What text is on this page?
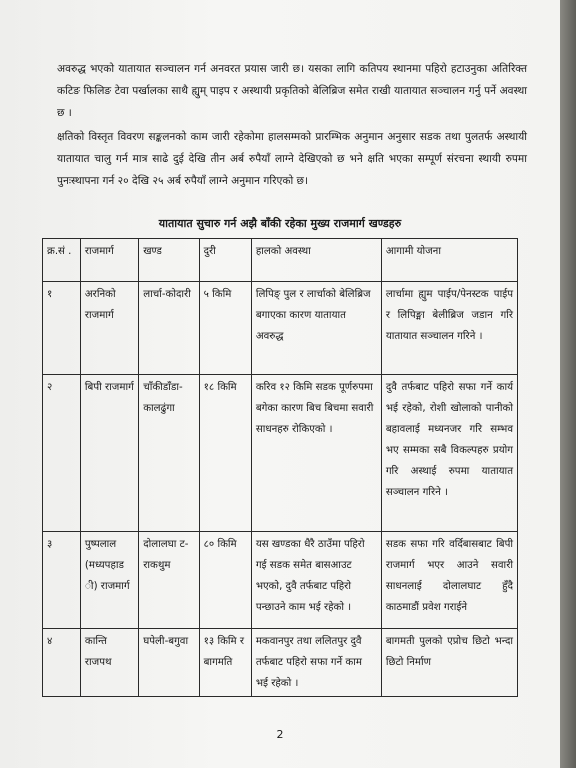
अवरुद्ध भएको यातायात सञ्चालन गर्न अनवरत प्रयास जारी छ। यसका लागि कतिपय स्थानमा पहिरो हटाउनुका अतिरिक्त कटिङ फिलिङ टेवा पर्खालका साथै ह्युम् पाइप र अस्थायी प्रकृतिको बेलिब्रिज समेत राखी यातायात सञ्चालन गर्नु पर्ने अवस्था छ ।

क्षतिको विस्तृत विवरण सङ्कलनको काम जारी रहेकोमा हालसम्मको प्रारम्भिक अनुमान अनुसार सडक तथा पुलतर्फ अस्थायी यातायात चालु गर्न मात्र साढे दुई देखि तीन अर्ब रुपैयाँ लाग्ने देखिएको छ भने क्षति भएका सम्पूर्ण संरचना स्थायी रुपमा पुनःस्थापना गर्न २० देखि २५ अर्ब रुपैयाँ लाग्ने अनुमान गरिएको छ।

यातायात सुचारु गर्न अझै बाँकी रहेका मुख्य राजमार्ग खण्डहरु
क्र.सं .	राजमार्ग	खण्ड	दुरी	हालको अवस्था	आगामी योजना
१	अरनिको राजमार्ग	लार्चा-कोदारी	५ किमि	लिपिङ् पुल र लार्चाको बेलिब्रिज बगाएका कारण यातायात अवरुद्ध	लार्चामा ह्युम पाईप/पेनस्टक पाईप र लिपिङ्मा बेलीब्रिज जडान गरि यातायात सञ्चालन गरिने ।
२	बिपी राजमार्ग	चाँकीडाँडा-कालढुंगा	१८ किमि	करिव १२ किमि सडक पूर्णरुपमा बगेका कारण बिच बिचमा सवारी साधनहरु रोकिएको ।	दुवै तर्फबाट पहिरो सफा गर्ने कार्य भई रहेको, रोशी खोलाको पानीको बहावलाई मध्यनजर गरि सम्भव भए सम्मका सबै विकल्पहरु प्रयोग गरि अस्थाई रुपमा यातायात सञ्चालन गरिने ।
३	पुष्पलाल (मध्यपहाड ी) राजमार्ग	दोलालघा ट-राकथुम	८० किमि	यस खण्डका धैरै ठाउँमा पहिरो गई सडक समेत बासआउट भएको, दुवै तर्फबाट पहिरो पन्छाउने काम भई रहेको ।	सडक सफा गरि वर्दिबासबाट बिपी राजमार्ग भएर आउने सवारी साधनलाई दोलालघाट हुँदै काठमाडौं प्रवेश गराईने
४	कान्ति राजपथ	घपेली-बगुवा	१३ किमि र बागमति	मकवानपुर तथा ललितपुर दुवै तर्फबाट पहिरो सफा गर्ने काम भई रहेको ।	बागमती पुलको एप्रोच छिटो भन्दा छिटो निर्माण
2
